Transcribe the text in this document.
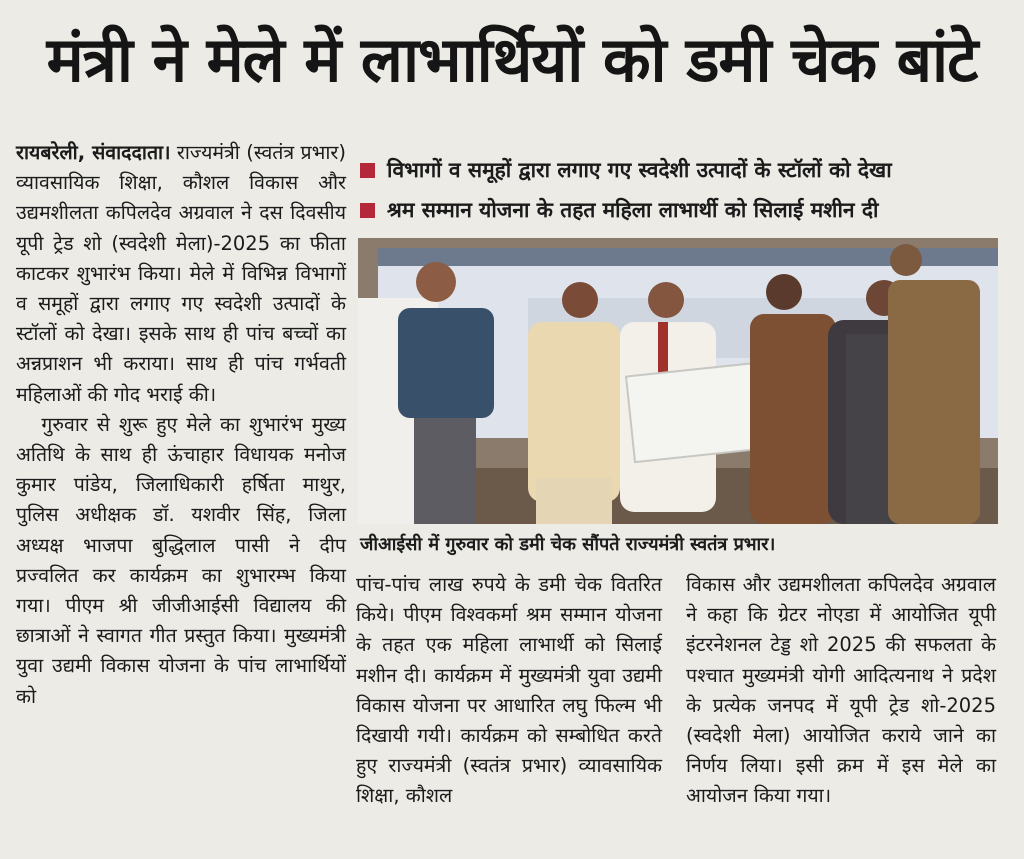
मंत्री ने मेले में लाभार्थियों को डमी चेक बांटे

रायबरेली, संवाददाता। राज्यमंत्री (स्वतंत्र प्रभार) व्यावसायिक शिक्षा, कौशल विकास और उद्यमशीलता कपिलदेव अग्रवाल ने दस दिवसीय यूपी ट्रेड शो (स्वदेशी मेला)-2025 का फीता काटकर शुभारंभ किया। मेले में विभिन्न विभागों व समूहों द्वारा लगाए गए स्वदेशी उत्पादों के स्टॉलों को देखा। इसके साथ ही पांच बच्चों का अन्नप्राशन भी कराया। साथ ही पांच गर्भवती महिलाओं की गोद भराई की।

गुरुवार से शुरू हुए मेले का शुभारंभ मुख्य अतिथि के साथ ही ऊंचाहार विधायक मनोज कुमार पांडेय, जिलाधिकारी हर्षिता माथुर, पुलिस अधीक्षक डॉ. यशवीर सिंह, जिला अध्यक्ष भाजपा बुद्धिलाल पासी ने दीप प्रज्वलित कर कार्यक्रम का शुभारम्भ किया गया। पीएम श्री जीजीआईसी विद्यालय की छात्राओं ने स्वागत गीत प्रस्तुत किया। मुख्यमंत्री युवा उद्यमी विकास योजना के पांच लाभार्थियों को

विभागों व समूहों द्वारा लगाए गए स्वदेशी उत्पादों के स्टॉलों को देखा
श्रम सम्मान योजना के तहत महिला लाभार्थी को सिलाई मशीन दी
जीआईसी में गुरुवार को डमी चेक सौंपते राज्यमंत्री स्वतंत्र प्रभार।

पांच-पांच लाख रुपये के डमी चेक वितरित किये। पीएम विश्वकर्मा श्रम सम्मान योजना के तहत एक महिला लाभार्थी को सिलाई मशीन दी। कार्यक्रम में मुख्यमंत्री युवा उद्यमी विकास योजना पर आधारित लघु फिल्म भी दिखायी गयी। कार्यक्रम को सम्बोधित करते हुए राज्यमंत्री (स्वतंत्र प्रभार) व्यावसायिक शिक्षा, कौशल

विकास और उद्यमशीलता कपिलदेव अग्रवाल ने कहा कि ग्रेटर नोएडा में आयोजित यूपी इंटरनेशनल टेड्ड शो 2025 की सफलता के पश्चात मुख्यमंत्री योगी आदित्यनाथ ने प्रदेश के प्रत्येक जनपद में यूपी ट्रेड शो-2025 (स्वदेशी मेला) आयोजित कराये जाने का निर्णय लिया। इसी क्रम में इस मेले का आयोजन किया गया।
